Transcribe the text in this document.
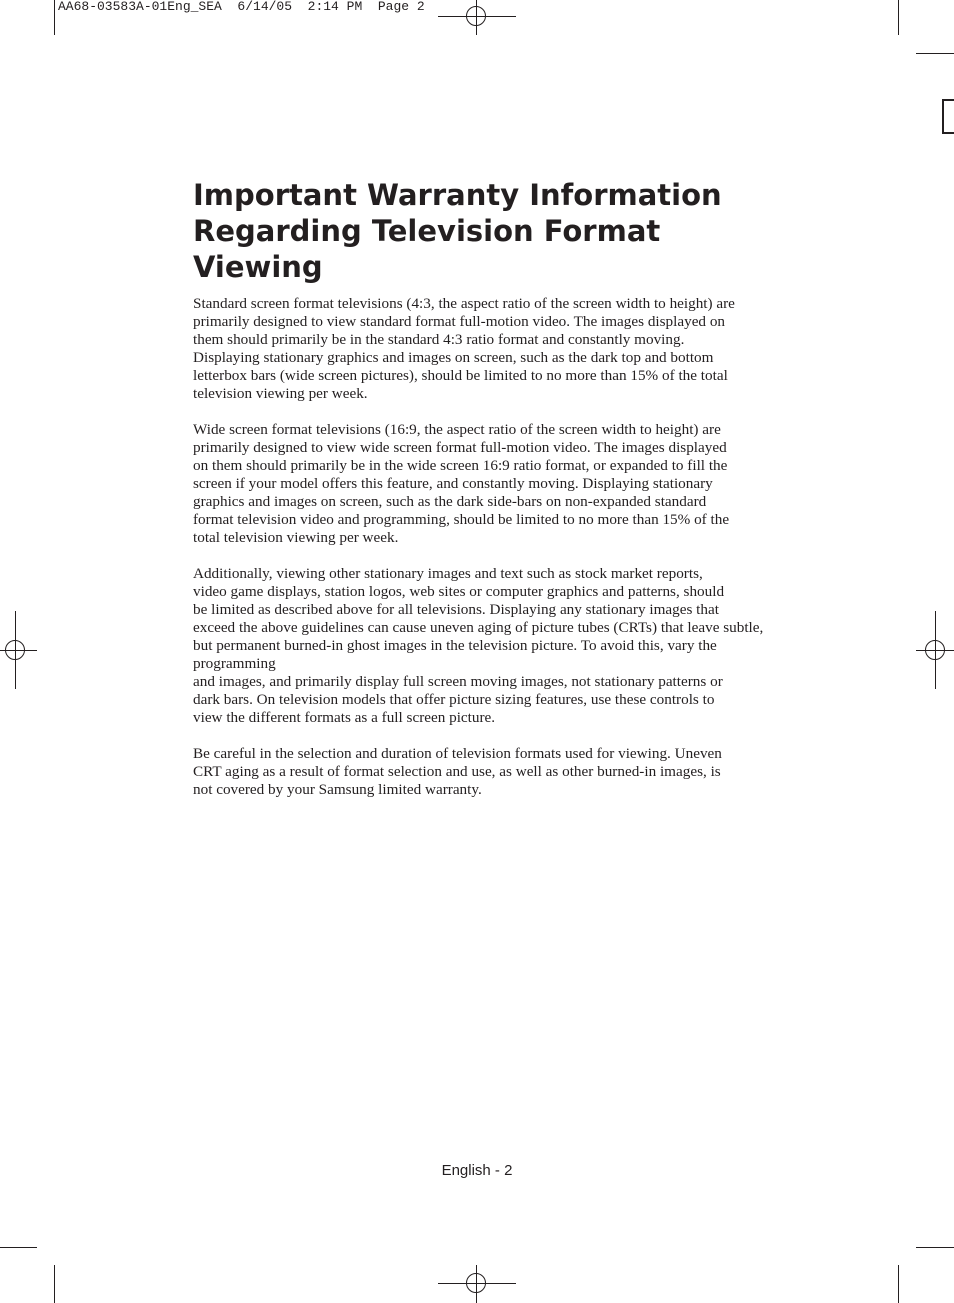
AA68-03583A-01Eng_SEA  6/14/05  2:14 PM  Page 2
Important Warranty Information
Regarding Television Format
Viewing

Standard screen format televisions (4:3, the aspect ratio of the screen width to height) are
primarily designed to view standard format full-motion video. The images displayed on
them should primarily be in the standard 4:3 ratio format and constantly moving.
Displaying stationary graphics and images on screen, such as the dark top and bottom
letterbox bars (wide screen pictures), should be limited to no more than 15% of the total
television viewing per week.

Wide screen format televisions (16:9, the aspect ratio of the screen width to height) are
primarily designed to view wide screen format full-motion video. The images displayed
on them should primarily be in the wide screen 16:9 ratio format, or expanded to fill the
screen if your model offers this feature, and constantly moving. Displaying stationary
graphics and images on screen, such as the dark side-bars on non-expanded standard
format television video and programming, should be limited to no more than 15% of the
total television viewing per week.

Additionally, viewing other stationary images and text such as stock market reports,
video game displays, station logos, web sites or computer graphics and patterns, should
be limited as described above for all televisions. Displaying any stationary images that
exceed the above guidelines can cause uneven aging of picture tubes (CRTs) that leave subtle,
but permanent burned-in ghost images in the television picture. To avoid this, vary the
programming
and images, and primarily display full screen moving images, not stationary patterns or
dark bars. On television models that offer picture sizing features, use these controls to
view the different formats as a full screen picture.

Be careful in the selection and duration of television formats used for viewing. Uneven
CRT aging as a result of format selection and use, as well as other burned-in images, is
not covered by your Samsung limited warranty.

English - 2
